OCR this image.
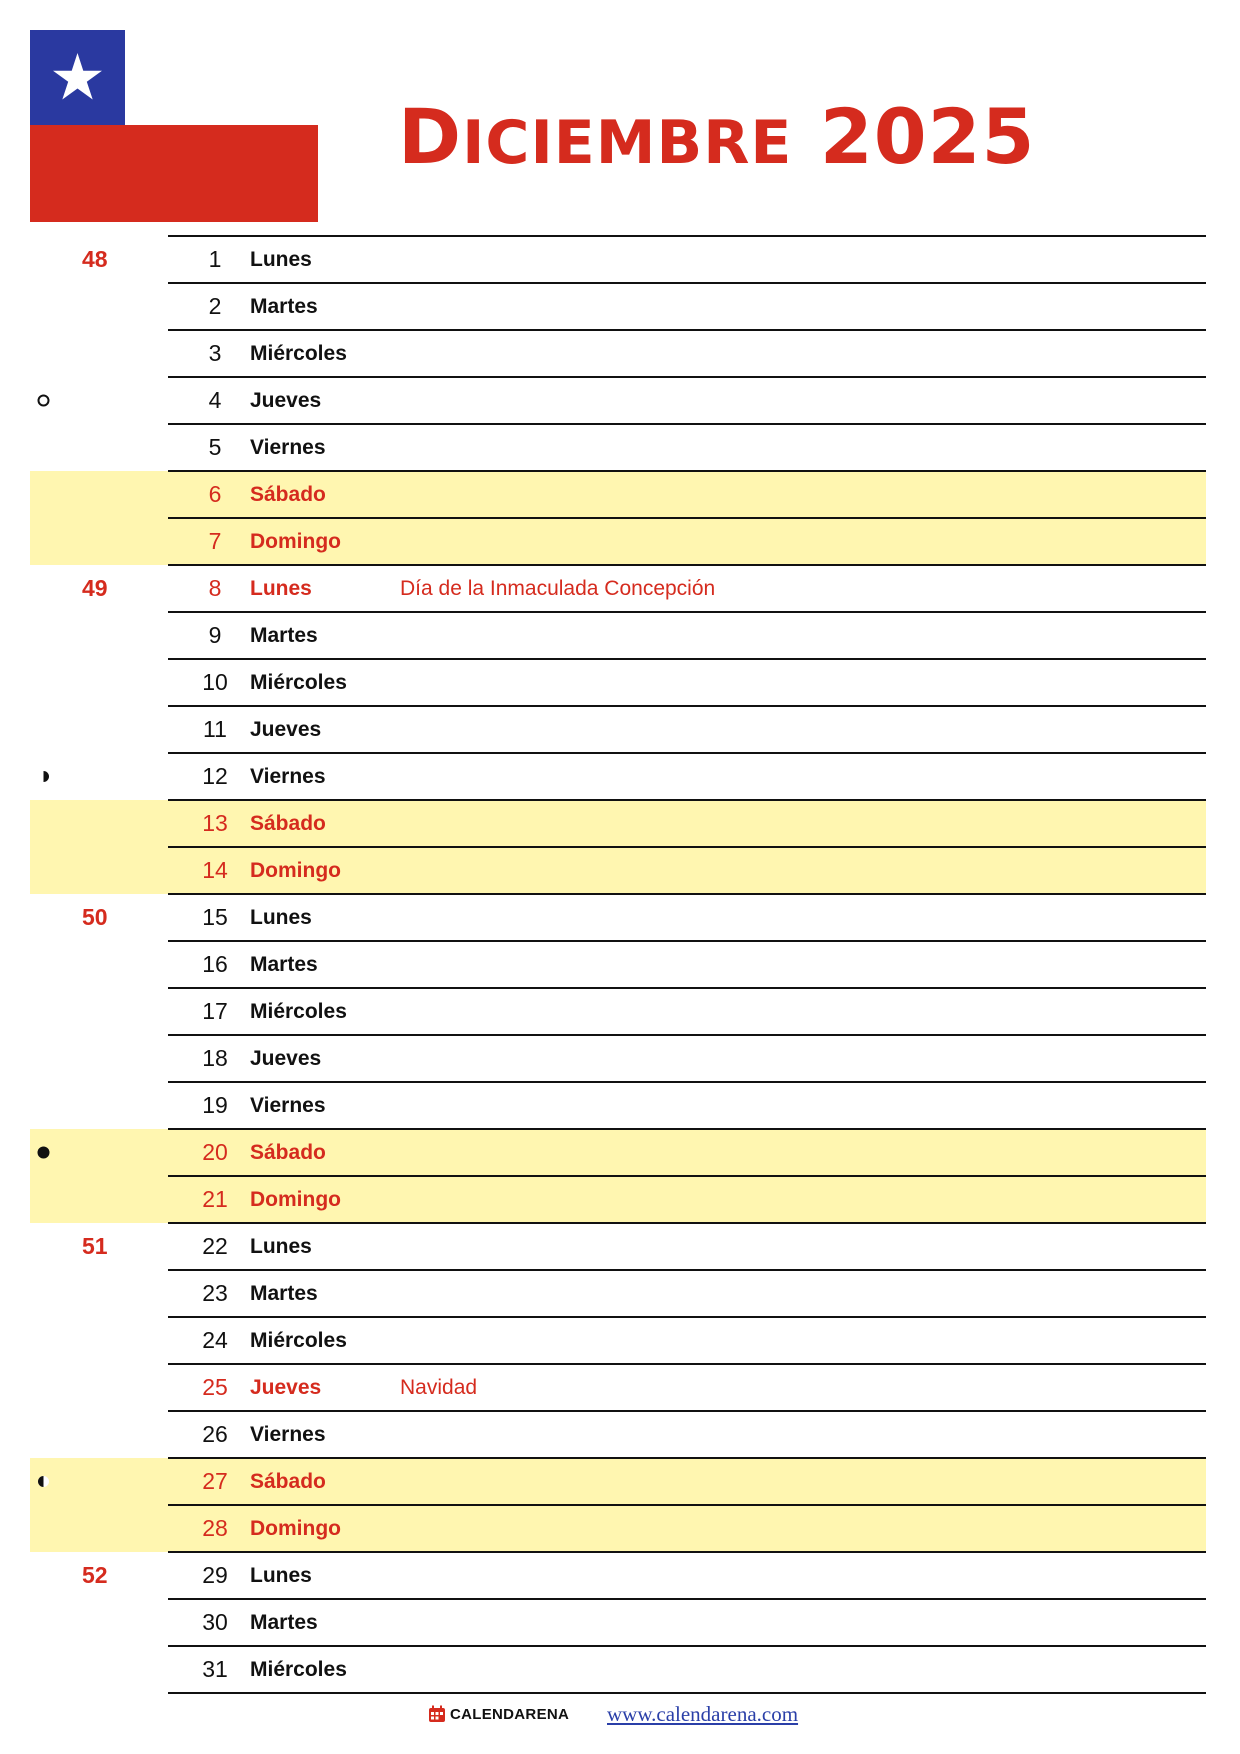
DICIEMBRE 2025
48	1	Lunes
2	Martes
3	Miércoles
4	Jueves
5	Viernes
6	Sábado
7	Domingo
49	8	Lunes	Día de la Inmaculada Concepción
9	Martes
10	Miércoles
11	Jueves
12	Viernes
13	Sábado
14	Domingo
50	15	Lunes
16	Martes
17	Miércoles
18	Jueves
19	Viernes
20	Sábado
21	Domingo
51	22	Lunes
23	Martes
24	Miércoles
25	Jueves	Navidad
26	Viernes
27	Sábado
28	Domingo
52	29	Lunes
30	Martes
31	Miércoles
CALENDARENA www.calendarena.com
